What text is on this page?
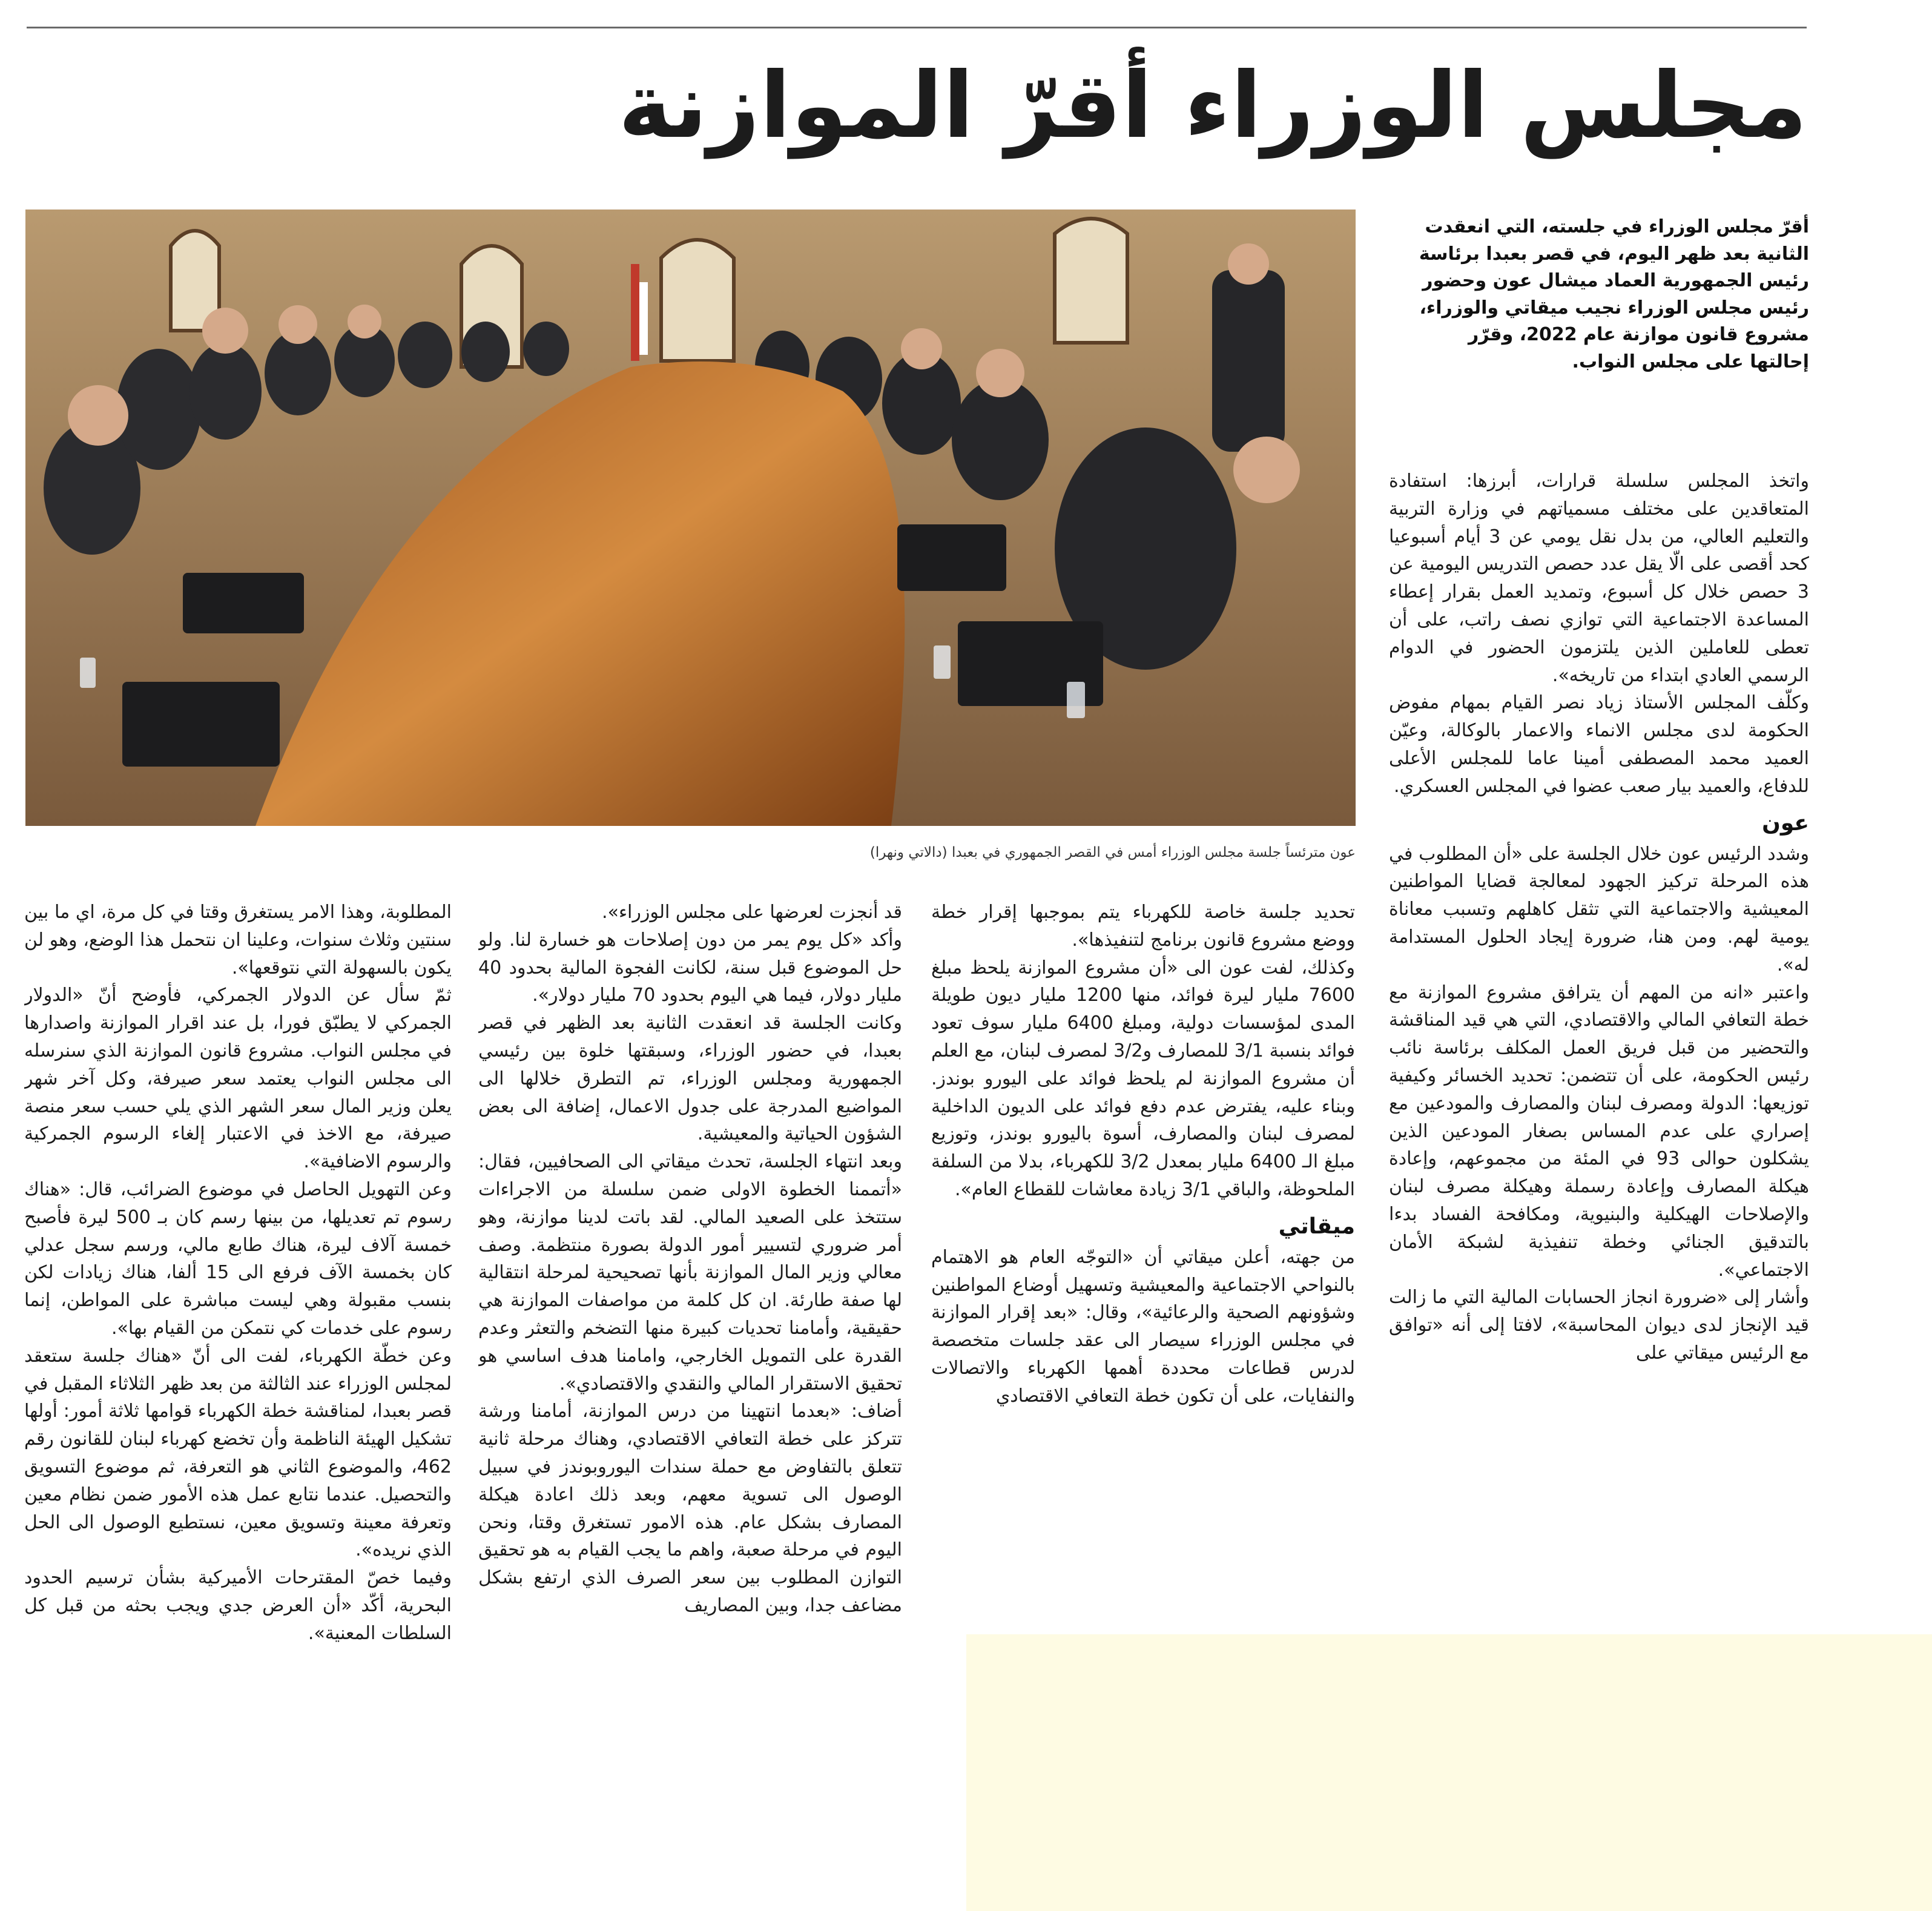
مجلس الوزراء أقرّ الموازنة

عون مترئساً جلسة مجلس الوزراء أمس في القصر الجمهوري في بعبدا (دالاتي ونهرا)

أقرّ مجلس الوزراء في جلسته، التي انعقدت الثانية بعد ظهر اليوم، في قصر بعبدا برئاسة رئيس الجمهورية العماد ميشال عون وحضور رئيس مجلس الوزراء نجيب ميقاتي والوزراء، مشروع قانون موازنة عام 2022، وقرّر إحالتها على مجلس النواب.

واتخذ المجلس سلسلة قرارات، أبرزها: استفادة المتعاقدين على مختلف مسمياتهم في وزارة التربية والتعليم العالي، من بدل نقل يومي عن 3 أيام أسبوعيا كحد أقصى على الّا يقل عدد حصص التدريس اليومية عن 3 حصص خلال كل أسبوع، وتمديد العمل بقرار إعطاء المساعدة الاجتماعية التي توازي نصف راتب، على أن تعطى للعاملين الذين يلتزمون الحضور في الدوام الرسمي العادي ابتداء من تاريخه».

وكلّف المجلس الأستاذ زياد نصر القيام بمهام مفوض الحكومة لدى مجلس الانماء والاعمار بالوكالة، وعيّن العميد محمد المصطفى أمينا عاما للمجلس الأعلى للدفاع، والعميد بيار صعب عضوا في المجلس العسكري.

عون

وشدد الرئيس عون خلال الجلسة على «أن المطلوب في هذه المرحلة تركيز الجهود لمعالجة قضايا المواطنين المعيشية والاجتماعية التي تثقل كاهلهم وتسبب معاناة يومية لهم. ومن هنا، ضرورة إيجاد الحلول المستدامة له».

واعتبر «انه من المهم أن يترافق مشروع الموازنة مع خطة التعافي المالي والاقتصادي، التي هي قيد المناقشة والتحضير من قبل فريق العمل المكلف برئاسة نائب رئيس الحكومة، على أن تتضمن: تحديد الخسائر وكيفية توزيعها: الدولة ومصرف لبنان والمصارف والمودعين مع إصراري على عدم المساس بصغار المودعين الذين يشكلون حوالى 93 في المئة من مجموعهم، وإعادة هيكلة المصارف وإعادة رسملة وهيكلة مصرف لبنان والإصلاحات الهيكلية والبنيوية، ومكافحة الفساد بدءا بالتدقيق الجنائي وخطة تنفيذية لشبكة الأمان الاجتماعي».

وأشار إلى «ضرورة انجاز الحسابات المالية التي ما زالت قيد الإنجاز لدى ديوان المحاسبة»، لافتا إلى أنه «توافق مع الرئيس ميقاتي على

تحديد جلسة خاصة للكهرباء يتم بموجبها إقرار خطة ووضع مشروع قانون برنامج لتنفيذها».

وكذلك، لفت عون الى «أن مشروع الموازنة يلحظ مبلغ 7600 مليار ليرة فوائد، منها 1200 مليار ديون طويلة المدى لمؤسسات دولية، ومبلغ 6400 مليار سوف تعود فوائد بنسبة 3/1 للمصارف و3/2 لمصرف لبنان، مع العلم أن مشروع الموازنة لم يلحظ فوائد على اليورو بوندز. وبناء عليه، يفترض عدم دفع فوائد على الديون الداخلية لمصرف لبنان والمصارف، أسوة باليورو بوندز، وتوزيع مبلغ الـ 6400 مليار بمعدل 3/2 للكهرباء، بدلا من السلفة الملحوظة، والباقي 3/1 زيادة معاشات للقطاع العام».

ميقاتي

من جهته، أعلن ميقاتي أن «التوجّه العام هو الاهتمام بالنواحي الاجتماعية والمعيشية وتسهيل أوضاع المواطنين وشؤونهم الصحية والرعائية»، وقال: «بعد إقرار الموازنة في مجلس الوزراء سيصار الى عقد جلسات متخصصة لدرس قطاعات محددة أهمها الكهرباء والاتصالات والنفايات، على أن تكون خطة التعافي الاقتصادي

قد أنجزت لعرضها على مجلس الوزراء».

وأكد «كل يوم يمر من دون إصلاحات هو خسارة لنا. ولو حل الموضوع قبل سنة، لكانت الفجوة المالية بحدود 40 مليار دولار، فيما هي اليوم بحدود 70 مليار دولار».

وكانت الجلسة قد انعقدت الثانية بعد الظهر في قصر بعبدا، في حضور الوزراء، وسبقتها خلوة بين رئيسي الجمهورية ومجلس الوزراء، تم التطرق خلالها الى المواضيع المدرجة على جدول الاعمال، إضافة الى بعض الشؤون الحياتية والمعيشية.

وبعد انتهاء الجلسة، تحدث ميقاتي الى الصحافيين، فقال: «أتممنا الخطوة الاولى ضمن سلسلة من الاجراءات ستتخذ على الصعيد المالي. لقد باتت لدينا موازنة، وهو أمر ضروري لتسيير أمور الدولة بصورة منتظمة. وصف معالي وزير المال الموازنة بأنها تصحيحية لمرحلة انتقالية لها صفة طارئة. ان كل كلمة من مواصفات الموازنة هي حقيقية، وأمامنا تحديات كبيرة منها التضخم والتعثر وعدم القدرة على التمويل الخارجي، وامامنا هدف اساسي هو تحقيق الاستقرار المالي والنقدي والاقتصادي».

أضاف: «بعدما انتهينا من درس الموازنة، أمامنا ورشة تتركز على خطة التعافي الاقتصادي، وهناك مرحلة ثانية تتعلق بالتفاوض مع حملة سندات اليوروبوندز في سبيل الوصول الى تسوية معهم، وبعد ذلك اعادة هيكلة المصارف بشكل عام. هذه الامور تستغرق وقتا، ونحن اليوم في مرحلة صعبة، واهم ما يجب القيام به هو تحقيق التوازن المطلوب بين سعر الصرف الذي ارتفع بشكل مضاعف جدا، وبين المصاريف

المطلوبة، وهذا الامر يستغرق وقتا في كل مرة، اي ما بين سنتين وثلاث سنوات، وعلينا ان نتحمل هذا الوضع، وهو لن يكون بالسهولة التي نتوقعها».

ثمّ سأل عن الدولار الجمركي، فأوضح أنّ «الدولار الجمركي لا يطبّق فورا، بل عند اقرار الموازنة واصدارها في مجلس النواب. مشروع قانون الموازنة الذي سنرسله الى مجلس النواب يعتمد سعر صيرفة، وكل آخر شهر يعلن وزير المال سعر الشهر الذي يلي حسب سعر منصة صيرفة، مع الاخذ في الاعتبار إلغاء الرسوم الجمركية والرسوم الاضافية».

وعن التهويل الحاصل في موضوع الضرائب، قال: «هناك رسوم تم تعديلها، من بينها رسم كان بـ 500 ليرة فأصبح خمسة آلاف ليرة، هناك طابع مالي، ورسم سجل عدلي كان بخمسة الآف فرفع الى 15 ألفا، هناك زيادات لكن بنسب مقبولة وهي ليست مباشرة على المواطن، إنما رسوم على خدمات كي نتمكن من القيام بها».

وعن خطّة الكهرباء، لفت الى أنّ «هناك جلسة ستعقد لمجلس الوزراء عند الثالثة من بعد ظهر الثلاثاء المقبل في قصر بعبدا، لمناقشة خطة الكهرباء قوامها ثلاثة أمور: أولها تشكيل الهيئة الناظمة وأن تخضع كهرباء لبنان للقانون رقم 462، والموضوع الثاني هو التعرفة، ثم موضوع التسويق والتحصيل. عندما نتابع عمل هذه الأمور ضمن نظام معين وتعرفة معينة وتسويق معين، نستطيع الوصول الى الحل الذي نريده».

وفيما خصّ المقترحات الأميركية بشأن ترسيم الحدود البحرية، أكّد «أن العرض جدي ويجب بحثه من قبل كل السلطات المعنية».
